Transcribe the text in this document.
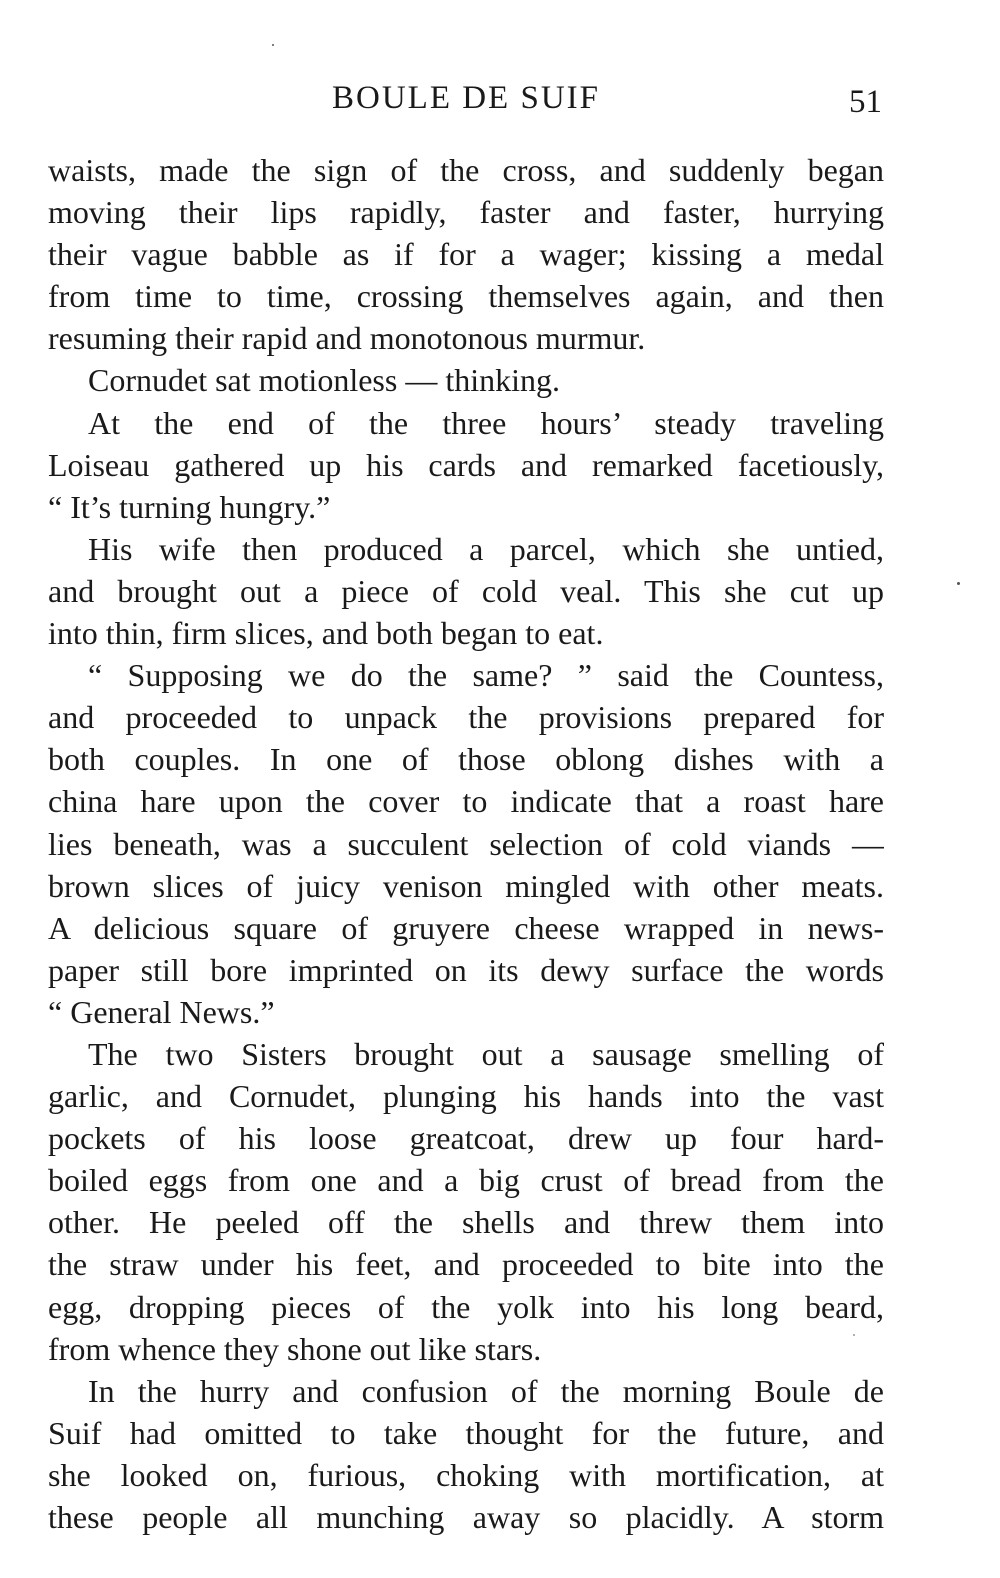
BOULE DE SUIF	51
waists, made the sign of the cross, and suddenly began
moving their lips rapidly, faster and faster, hurrying
their vague babble as if for a wager; kissing a medal
from time to time, crossing themselves again, and then
resuming their rapid and monotonous murmur.
Cornudet sat motionless — thinking.
At the end of the three hours’ steady traveling
Loiseau gathered up his cards and remarked facetiously,
“ It’s turning hungry.”
His wife then produced a parcel, which she untied,
and brought out a piece of cold veal. This she cut up
into thin, firm slices, and both began to eat.
“ Supposing we do the same? ” said the Countess,
and proceeded to unpack the provisions prepared for
both couples. In one of those oblong dishes with a
china hare upon the cover to indicate that a roast hare
lies beneath, was a succulent selection of cold viands —
brown slices of juicy venison mingled with other meats.
A delicious square of gruyere cheese wrapped in news-
paper still bore imprinted on its dewy surface the words
“ General News.”
The two Sisters brought out a sausage smelling of
garlic, and Cornudet, plunging his hands into the vast
pockets of his loose greatcoat, drew up four hard-
boiled eggs from one and a big crust of bread from the
other. He peeled off the shells and threw them into
the straw under his feet, and proceeded to bite into the
egg, dropping pieces of the yolk into his long beard,
from whence they shone out like stars.
In the hurry and confusion of the morning Boule de
Suif had omitted to take thought for the future, and
she looked on, furious, choking with mortification, at
these people all munching away so placidly. A storm
